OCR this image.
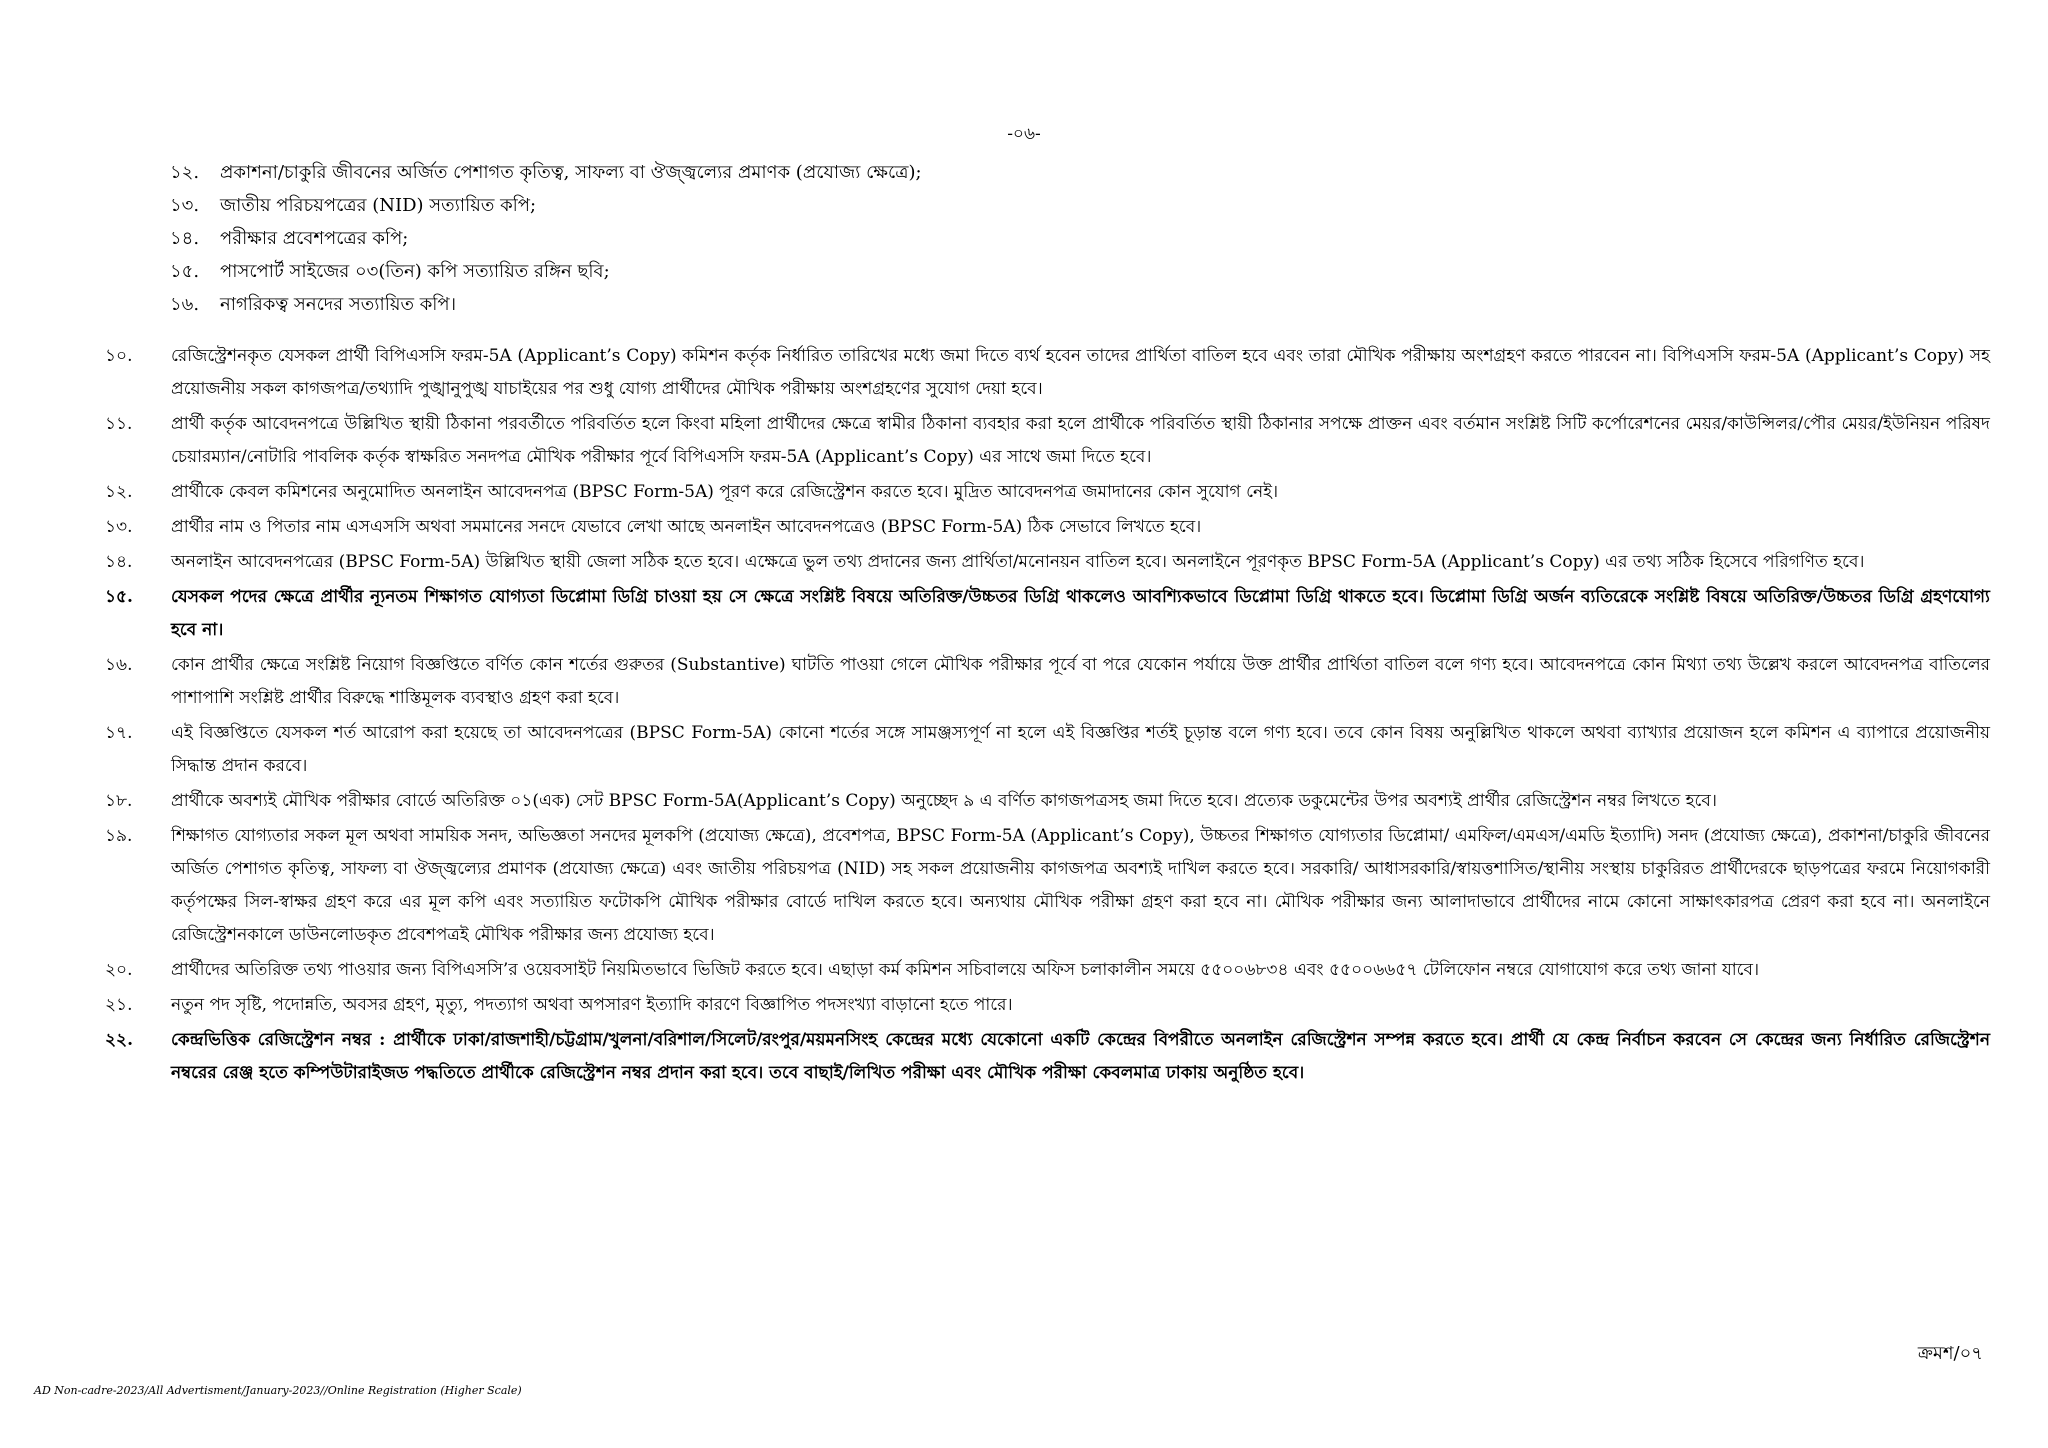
-০৬-
১২.	প্রকাশনা/চাকুরি জীবনের অর্জিত পেশাগত কৃতিত্ব, সাফল্য বা ঔজ্জ্বল্যের প্রমাণক (প্রযোজ্য ক্ষেত্রে);
১৩.	জাতীয় পরিচয়পত্রের (NID) সত্যায়িত কপি;
১৪.	পরীক্ষার প্রবেশপত্রের কপি;
১৫.	পাসপোর্ট সাইজের ০৩(তিন) কপি সত্যায়িত রঙ্গিন ছবি;
১৬.	নাগরিকত্ব সনদের সত্যায়িত কপি।
১০.	রেজিস্ট্রেশনকৃত যেসকল প্রার্থী বিপিএসসি ফরম-5A (Applicant’s Copy) কমিশন কর্তৃক নির্ধারিত তারিখের মধ্যে জমা দিতে ব্যর্থ হবেন তাদের প্রার্থিতা বাতিল হবে এবং তারা মৌখিক পরীক্ষায় অংশগ্রহণ করতে পারবেন না। বিপিএসসি ফরম-5A (Applicant’s Copy) সহ প্রয়োজনীয় সকল কাগজপত্র/তথ্যাদি পুঙ্খানুপুঙ্খ যাচাইয়ের পর শুধু যোগ্য প্রার্থীদের মৌখিক পরীক্ষায় অংশগ্রহণের সুযোগ দেয়া হবে।
১১.	প্রার্থী কর্তৃক আবেদনপত্রে উল্লিখিত স্থায়ী ঠিকানা পরবর্তীতে পরিবর্তিত হলে কিংবা মহিলা প্রার্থীদের ক্ষেত্রে স্বামীর ঠিকানা ব্যবহার করা হলে প্রার্থীকে পরিবর্তিত স্থায়ী ঠিকানার সপক্ষে প্রাক্তন এবং বর্তমান সংশ্লিষ্ট সিটি কর্পোরেশনের মেয়র/কাউন্সিলর/পৌর মেয়র/ইউনিয়ন পরিষদ চেয়ারম্যান/নোটারি পাবলিক কর্তৃক স্বাক্ষরিত সনদপত্র মৌখিক পরীক্ষার পূর্বে বিপিএসসি ফরম-5A (Applicant’s Copy) এর সাথে জমা দিতে হবে।
১২.	প্রার্থীকে কেবল কমিশনের অনুমোদিত অনলাইন আবেদনপত্র (BPSC Form-5A) পূরণ করে রেজিস্ট্রেশন করতে হবে। মুদ্রিত আবেদনপত্র জমাদানের কোন সুযোগ নেই।
১৩.	প্রার্থীর নাম ও পিতার নাম এসএসসি অথবা সমমানের সনদে যেভাবে লেখা আছে অনলাইন আবেদনপত্রেও (BPSC Form-5A) ঠিক সেভাবে লিখতে হবে।
১৪.	অনলাইন আবেদনপত্রের (BPSC Form-5A) উল্লিখিত স্থায়ী জেলা সঠিক হতে হবে। এক্ষেত্রে ভুল তথ্য প্রদানের জন্য প্রার্থিতা/মনোনয়ন বাতিল হবে। অনলাইনে পূরণকৃত BPSC Form-5A (Applicant’s Copy) এর তথ্য সঠিক হিসেবে পরিগণিত হবে।
১৫.	যেসকল পদের ক্ষেত্রে প্রার্থীর ন্যূনতম শিক্ষাগত যোগ্যতা ডিপ্লোমা ডিগ্রি চাওয়া হয় সে ক্ষেত্রে সংশ্লিষ্ট বিষয়ে অতিরিক্ত/উচ্চতর ডিগ্রি থাকলেও আবশ্যিকভাবে ডিপ্লোমা ডিগ্রি থাকতে হবে। ডিপ্লোমা ডিগ্রি অর্জন ব্যতিরেকে সংশ্লিষ্ট বিষয়ে অতিরিক্ত/উচ্চতর ডিগ্রি গ্রহণযোগ্য হবে না।
১৬.	কোন প্রার্থীর ক্ষেত্রে সংশ্লিষ্ট নিয়োগ বিজ্ঞপ্তিতে বর্ণিত কোন শর্তের গুরুতর (Substantive) ঘাটতি পাওয়া গেলে মৌখিক পরীক্ষার পূর্বে বা পরে যেকোন পর্যায়ে উক্ত প্রার্থীর প্রার্থিতা বাতিল বলে গণ্য হবে। আবেদনপত্রে কোন মিথ্যা তথ্য উল্লেখ করলে আবেদনপত্র বাতিলের পাশাপাশি সংশ্লিষ্ট প্রার্থীর বিরুদ্ধে শাস্তিমূলক ব্যবস্থাও গ্রহণ করা হবে।
১৭.	এই বিজ্ঞপ্তিতে যেসকল শর্ত আরোপ করা হয়েছে তা আবেদনপত্রের (BPSC Form-5A) কোনো শর্তের সঙ্গে সামঞ্জস্যপূর্ণ না হলে এই বিজ্ঞপ্তির শর্তই চূড়ান্ত বলে গণ্য হবে। তবে কোন বিষয় অনুল্লিখিত থাকলে অথবা ব্যাখ্যার প্রয়োজন হলে কমিশন এ ব্যাপারে প্রয়োজনীয় সিদ্ধান্ত প্রদান করবে।
১৮.	প্রার্থীকে অবশ্যই মৌখিক পরীক্ষার বোর্ডে অতিরিক্ত ০১(এক) সেট BPSC Form-5A(Applicant’s Copy) অনুচ্ছেদ ৯ এ বর্ণিত কাগজপত্রসহ জমা দিতে হবে। প্রত্যেক ডকুমেন্টের উপর অবশ্যই প্রার্থীর রেজিস্ট্রেশন নম্বর লিখতে হবে।
১৯.	শিক্ষাগত যোগ্যতার সকল মূল অথবা সাময়িক সনদ, অভিজ্ঞতা সনদের মূলকপি (প্রযোজ্য ক্ষেত্রে), প্রবেশপত্র, BPSC Form-5A (Applicant’s Copy), উচ্চতর শিক্ষাগত যোগ্যতার ডিপ্লোমা/ এমফিল/এমএস/এমডি ইত্যাদি) সনদ (প্রযোজ্য ক্ষেত্রে), প্রকাশনা/চাকুরি জীবনের অর্জিত পেশাগত কৃতিত্ব, সাফল্য বা ঔজ্জ্বল্যের প্রমাণক (প্রযোজ্য ক্ষেত্রে) এবং জাতীয় পরিচয়পত্র (NID) সহ সকল প্রয়োজনীয় কাগজপত্র অবশ্যই দাখিল করতে হবে। সরকারি/ আধাসরকারি/স্বায়ত্তশাসিত/স্থানীয় সংস্থায় চাকুরিরত প্রার্থীদেরকে ছাড়পত্রের ফরমে নিয়োগকারী কর্তৃপক্ষের সিল-স্বাক্ষর গ্রহণ করে এর মূল কপি এবং সত্যায়িত ফটোকপি মৌখিক পরীক্ষার বোর্ডে দাখিল করতে হবে। অন্যথায় মৌখিক পরীক্ষা গ্রহণ করা হবে না। মৌখিক পরীক্ষার জন্য আলাদাভাবে প্রার্থীদের নামে কোনো সাক্ষাৎকারপত্র প্রেরণ করা হবে না। অনলাইনে রেজিস্ট্রেশনকালে ডাউনলোডকৃত প্রবেশপত্রই মৌখিক পরীক্ষার জন্য প্রযোজ্য হবে।
২০.	প্রার্থীদের অতিরিক্ত তথ্য পাওয়ার জন্য বিপিএসসি’র ওয়েবসাইট নিয়মিতভাবে ভিজিট করতে হবে। এছাড়া কর্ম কমিশন সচিবালয়ে অফিস চলাকালীন সময়ে ৫৫০০৬৮৩৪ এবং ৫৫০০৬৬৫৭ টেলিফোন নম্বরে যোগাযোগ করে তথ্য জানা যাবে।
২১.	নতুন পদ সৃষ্টি, পদোন্নতি, অবসর গ্রহণ, মৃত্যু, পদত্যাগ অথবা অপসারণ ইত্যাদি কারণে বিজ্ঞাপিত পদসংখ্যা বাড়ানো হতে পারে।
২২.	কেন্দ্রভিত্তিক রেজিস্ট্রেশন নম্বর : প্রার্থীকে ঢাকা/রাজশাহী/চট্টগ্রাম/খুলনা/বরিশাল/সিলেট/রংপুর/ময়মনসিংহ কেন্দ্রের মধ্যে যেকোনো একটি কেন্দ্রের বিপরীতে অনলাইন রেজিস্ট্রেশন সম্পন্ন করতে হবে। প্রার্থী যে কেন্দ্র নির্বাচন করবেন সে কেন্দ্রের জন্য নির্ধারিত রেজিস্ট্রেশন নম্বরের রেঞ্জ হতে কম্পিউটারাইজড পদ্ধতিতে প্রার্থীকে রেজিস্ট্রেশন নম্বর প্রদান করা হবে। তবে বাছাই/লিখিত পরীক্ষা এবং মৌখিক পরীক্ষা কেবলমাত্র ঢাকায় অনুষ্ঠিত হবে।
ক্রমশ/০৭
AD Non-cadre-2023/All Advertisment/January-2023//Online Registration (Higher Scale)
